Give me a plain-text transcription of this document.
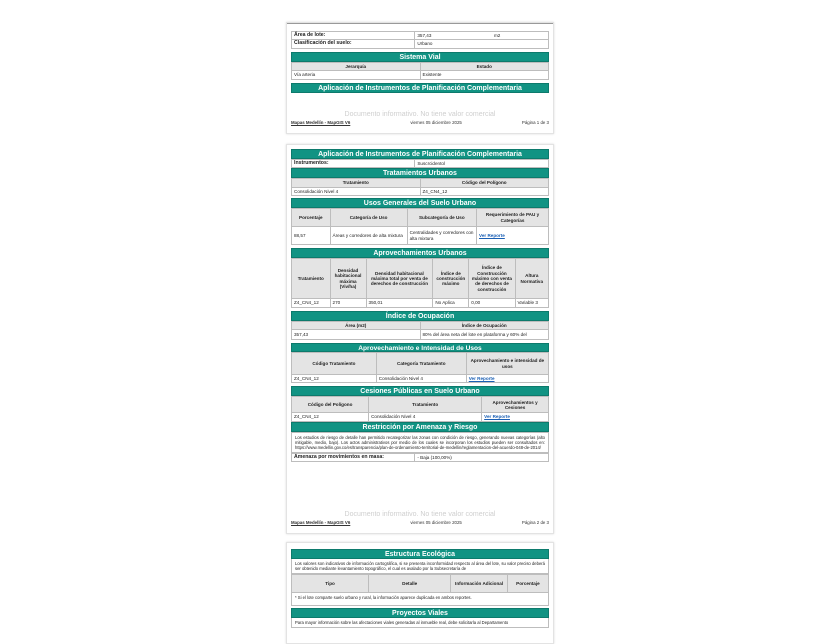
Área de lote:	357,43	m2
Clasificación del suelo:	Urbano	
Sistema Vial
Jerarquía	Estado
Vía arteria	Existente
Aplicación de Instrumentos de Planificación Complementaria
Documento informativo. No tiene valor comercial
Mapas Medellín - MapGIS V6	viernes 05 diciembre 2025	Página 1 de 3
Aplicación de Instrumentos de Planificación Complementaria
Instrumentos:	Suscrcidentol
Tratamientos Urbanos
Tratamiento	Código del Polígono
Consolidación Nivel 4	Z4_CN4_12
Usos Generales del Suelo Urbano
Porcentaje	Categoría de Uso	Subcategoría de Uso	Requerimiento de PAU y Categorías
88,57	Áreas y corredores de alta mixtura	Centralidades y corredores con alta mixtura	Ver Reporte
Aprovechamientos Urbanos
Tratamiento	Densidad habitacional máxima (Viv/ha)	Densidad habitacional máxima total por venta de derechos de construcción	Índice de construcción máximo	Índice de Construcción máximo con venta de derechos de construcción	Altura Normativa
Z4_CN4_12	270	350,01	No Aplica	0,00	Variable 3
Índice de Ocupación
Área (m2)	Índice de Ocupación
357,43	80% del área neta del lote en plataforma y 60% del
Aprovechamiento e Intensidad de Usos
Código Tratamiento	Categoría Tratamiento	Aprovechamiento e intensidad de usos
Z4_CN4_12	Consolidación Nivel 4	Ver Reporte
Cesiones Públicas en Suelo Urbano
Código del Polígono	Tratamiento	Aprovechamientos y Cesiones
Z4_CN4_12	Consolidación Nivel 4	Ver Reporte
Restricción por Amenaza y Riesgo
Los estudios de riesgo de detalle han permitido recategorizar las zonas con condición de riesgo, generando nuevas categorías (alto mitigable, medio, bajo). Los actos administrativos por medio de los cuales se incorporan los estudios pueden ser consultados en: https://www.medellin.gov.co/es/transparencia/plan-de-ordenamiento-territorial-de-medellin/reglamentacion-del-acuerdo-048-de-2014/
Amenaza por movimientos en masa:	- Baja (100,00%)
Documento informativo. No tiene valor comercial
Mapas Medellín - MapGIS V6	viernes 05 diciembre 2025	Página 2 de 3
Estructura Ecológica
Los valores son indicativos de información cartográfica, si se presenta inconformidad respecto al área del lote, su valor preciso deberá ser obtenido mediante levantamiento topográfico, el cual es avalado por la Subsecretaría de
Tipo	Detalle	Información Adicional	Porcentaje
* Si el lote comparte suelo urbano y rural, la información aparece duplicada en ambos reportes.
Proyectos Viales
Para mayor información sobre las afectaciones viales generadas al inmueble real, debe solicitarla al Departamento
